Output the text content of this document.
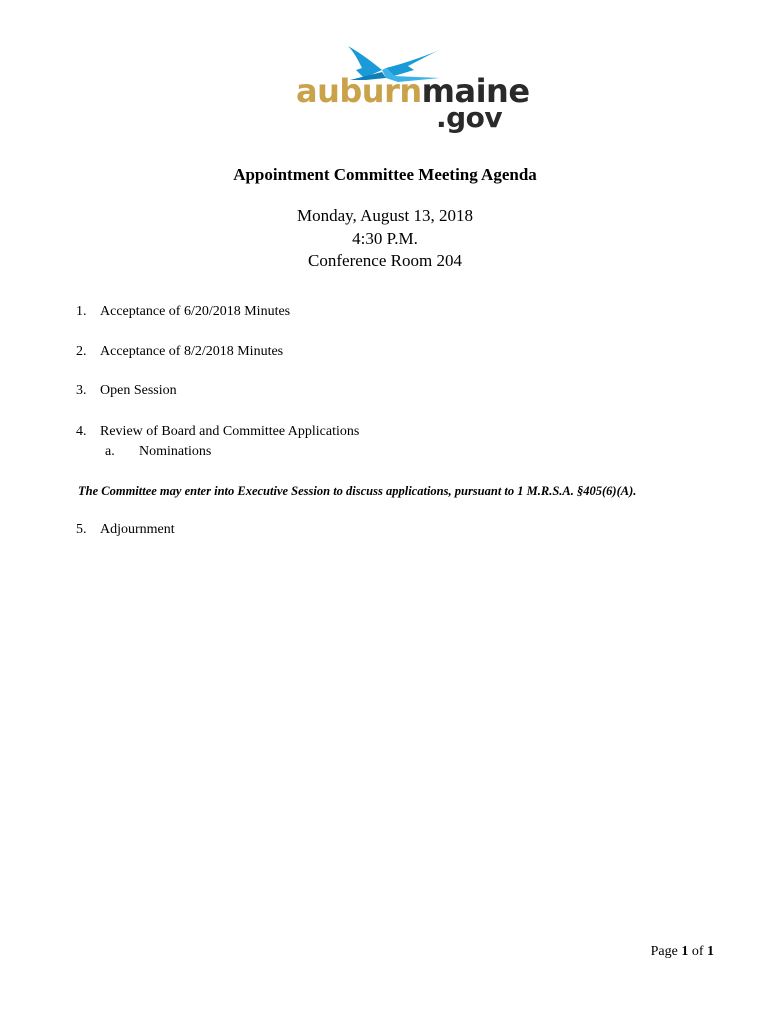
auburnmaine
.gov
Appointment Committee Meeting Agenda
Monday, August 13, 2018
4:30 P.M.
Conference Room 204
1. Acceptance of 6/20/2018 Minutes
2. Acceptance of 8/2/2018 Minutes
3. Open Session
4. Review of Board and Committee Applications
a. Nominations
The Committee may enter into Executive Session to discuss applications, pursuant to 1 M.R.S.A. §405(6)(A).
5. Adjournment
Page 1 of 1
